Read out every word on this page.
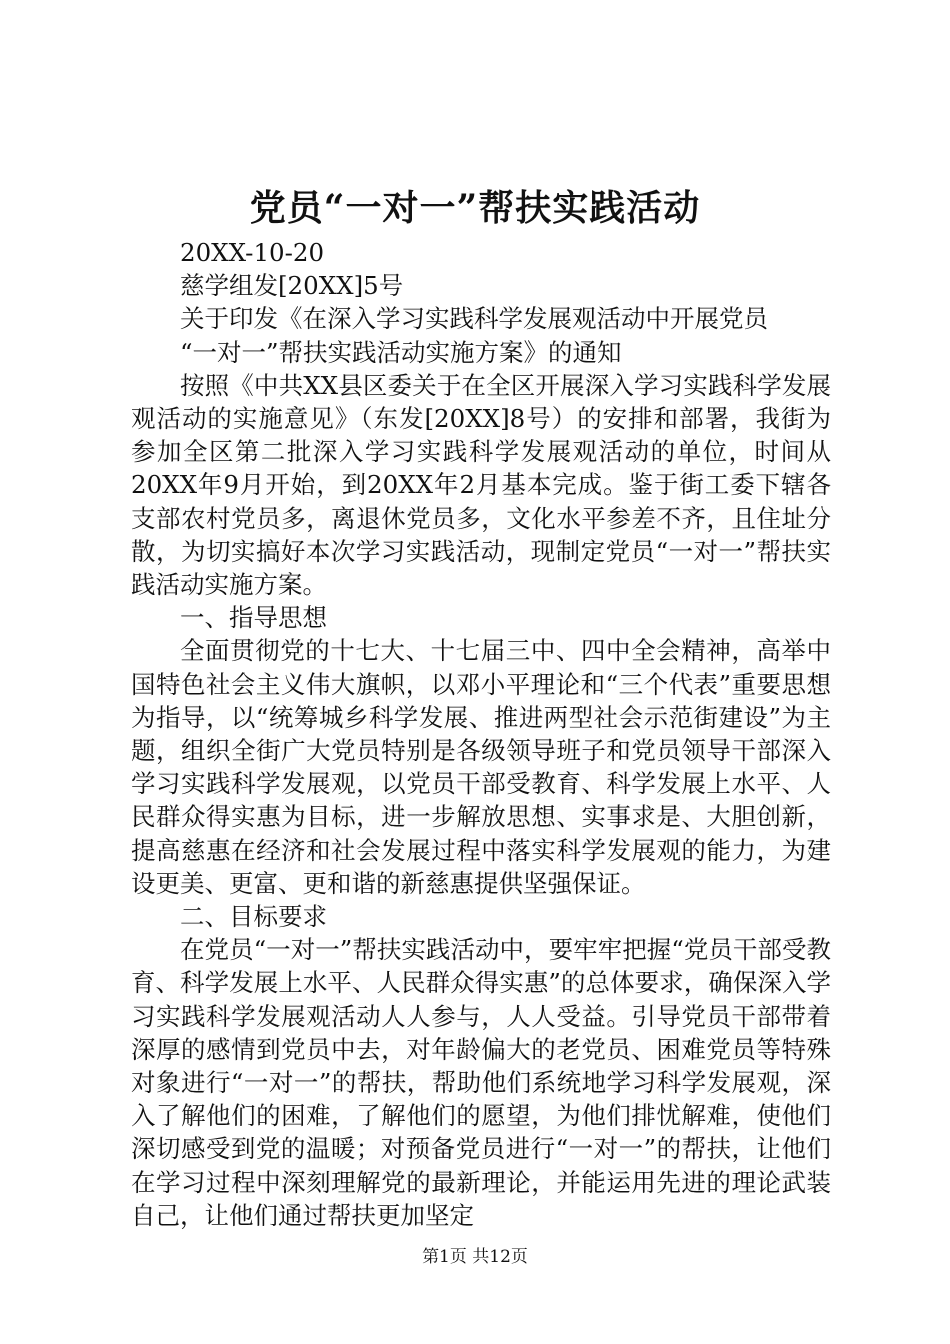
党员“一对一”帮扶实践活动

20XX-10-20

慈学组发[20XX]5号

关于印发《在深入学习实践科学发展观活动中开展党员

“一对一”帮扶实践活动实施方案》的通知

按照《中共XX县区委关于在全区开展深入学习实践科学发展观活动的实施意见》（东发[20XX]8号）的安排和部署，我街为参加全区第二批深入学习实践科学发展观活动的单位，时间从20XX年9月开始，到20XX年2月基本完成。鉴于街工委下辖各支部农村党员多，离退休党员多，文化水平参差不齐，且住址分散，为切实搞好本次学习实践活动，现制定党员“一对一”帮扶实践活动实施方案。

一、指导思想

全面贯彻党的十七大、十七届三中、四中全会精神，高举中国特色社会主义伟大旗帜，以邓小平理论和“三个代表”重要思想为指导，以“统筹城乡科学发展、推进两型社会示范街建设”为主题，组织全街广大党员特别是各级领导班子和党员领导干部深入学习实践科学发展观，以党员干部受教育、科学发展上水平、人民群众得实惠为目标，进一步解放思想、实事求是、大胆创新，提高慈惠在经济和社会发展过程中落实科学发展观的能力，为建设更美、更富、更和谐的新慈惠提供坚强保证。

二、目标要求

在党员“一对一”帮扶实践活动中，要牢牢把握“党员干部受教育、科学发展上水平、人民群众得实惠”的总体要求，确保深入学习实践科学发展观活动人人参与，人人受益。引导党员干部带着深厚的感情到党员中去，对年龄偏大的老党员、困难党员等特殊对象进行“一对一”的帮扶，帮助他们系统地学习科学发展观，深入了解他们的困难，了解他们的愿望，为他们排忧解难，使他们深切感受到党的温暖；对预备党员进行“一对一”的帮扶，让他们在学习过程中深刻理解党的最新理论，并能运用先进的理论武装自己，让他们通过帮扶更加坚定

第1页 共12页
